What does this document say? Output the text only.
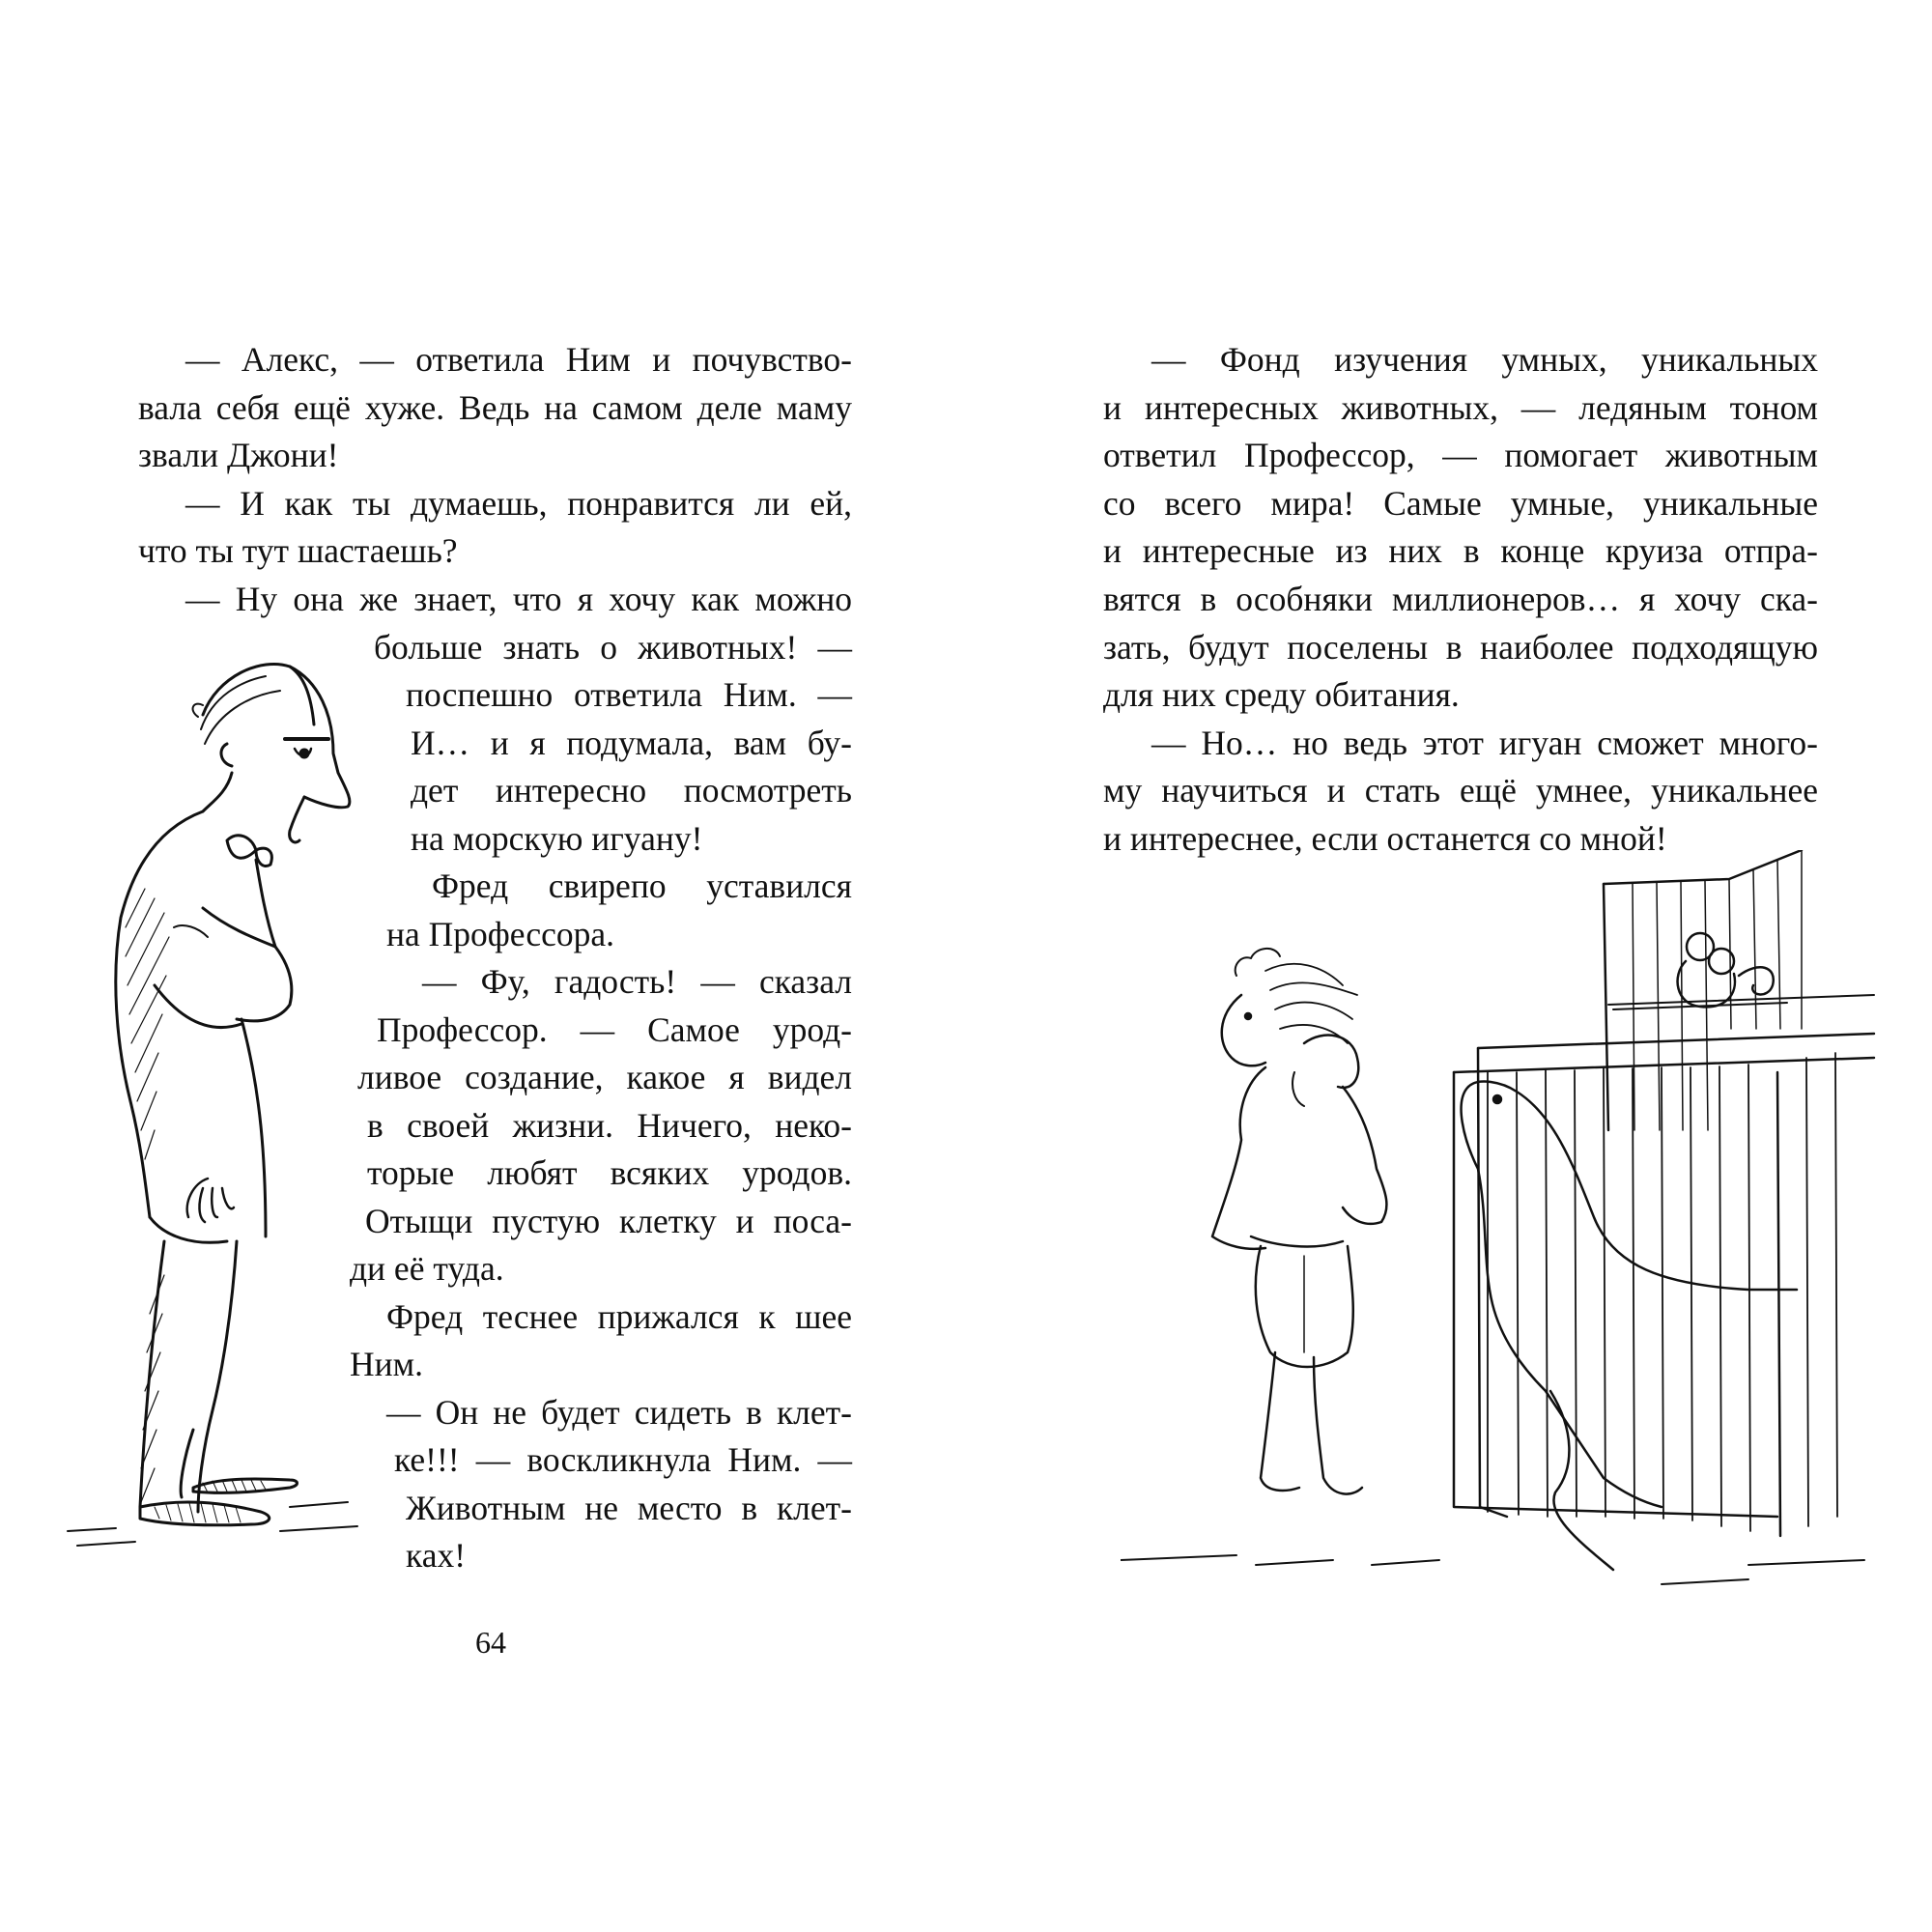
— Алекс, — ответила Ним и почувство-
вала себя ещё хуже. Ведь на самом деле маму
звали Джони!
— И как ты думаешь, понравится ли ей,
что ты тут шастаешь?
— Ну она же знает, что я хочу как можно
больше знать о животных! —
поспешно ответила Ним. —
И… и я подумала, вам бу-
дет интересно посмотреть
на морскую игуану!
Фред свирепо уставился
на Профессора.
— Фу, гадость! — сказал
Профессор. — Самое урод-
ливое создание, какое я видел
в своей жизни. Ничего, неко-
торые любят всяких уродов.
Отыщи пустую клетку и поса-
ди её туда.
Фред теснее прижался к шее
Ним.
— Он не будет сидеть в клет-
ке!!! — воскликнула Ним. —
Животным не место в клет-
ках!
64
— Фонд изучения умных, уникальных
и интересных животных, — ледяным тоном
ответил Профессор, — помогает животным
со всего мира! Самые умные, уникальные
и интересные из них в конце круиза отпра-
вятся в особняки миллионеров… я хочу ска-
зать, будут поселены в наиболее подходящую
для них среду обитания.
— Но… но ведь этот игуан сможет много-
му научиться и стать ещё умнее, уникальнее
и интереснее, если останется со мной!
